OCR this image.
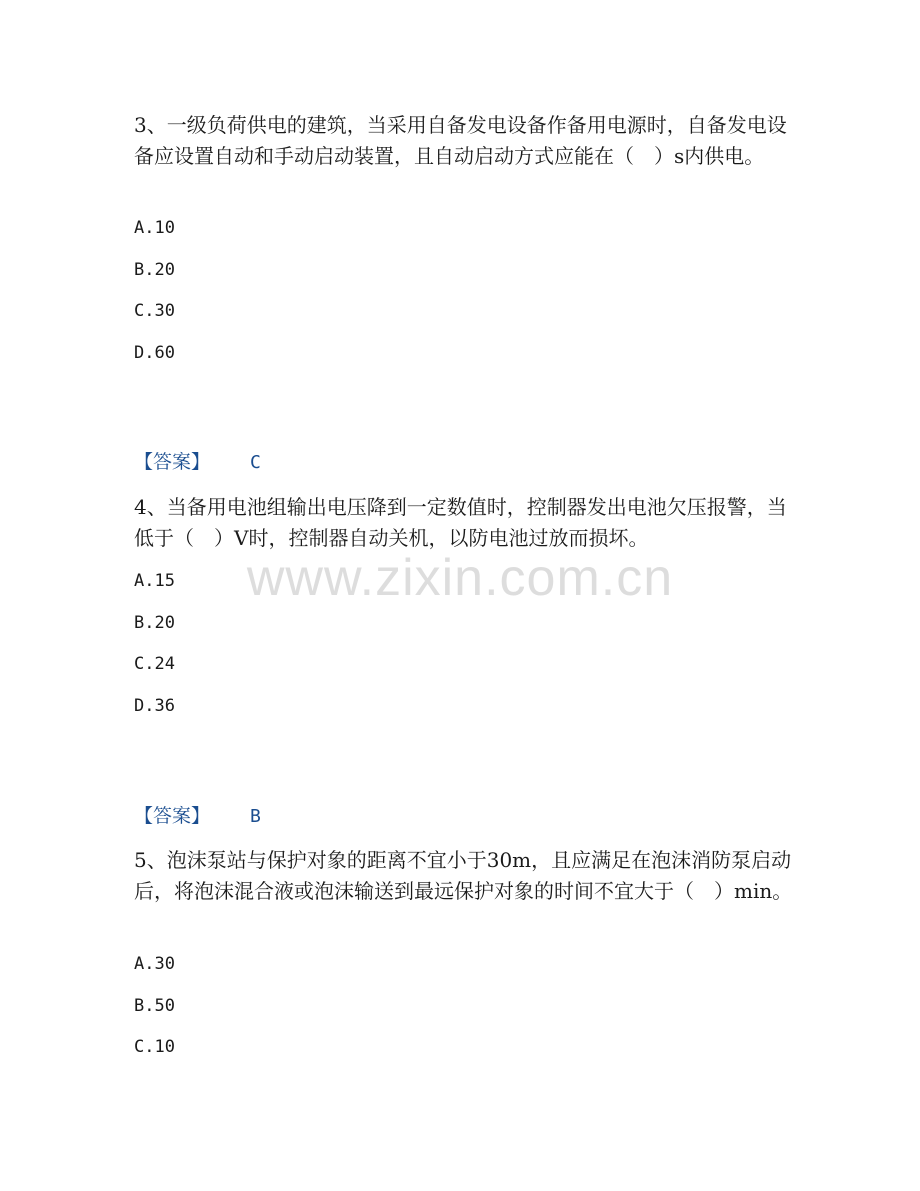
www.zixin.com.cn

3、一级负荷供电的建筑，当采用自备发电设备作备用电源时，自备发电设备应设置自动和手动启动装置，且自动启动方式应能在（　）s内供电。

A.10

B.20

C.30

D.60

【答案】 C

4、当备用电池组输出电压降到一定数值时，控制器发出电池欠压报警，当低于（　）V时，控制器自动关机，以防电池过放而损坏。

A.15

B.20

C.24

D.36

【答案】 B

5、泡沫泵站与保护对象的距离不宜小于30m，且应满足在泡沫消防泵启动后，将泡沫混合液或泡沫输送到最远保护对象的时间不宜大于（　）min。

A.30

B.50

C.10
